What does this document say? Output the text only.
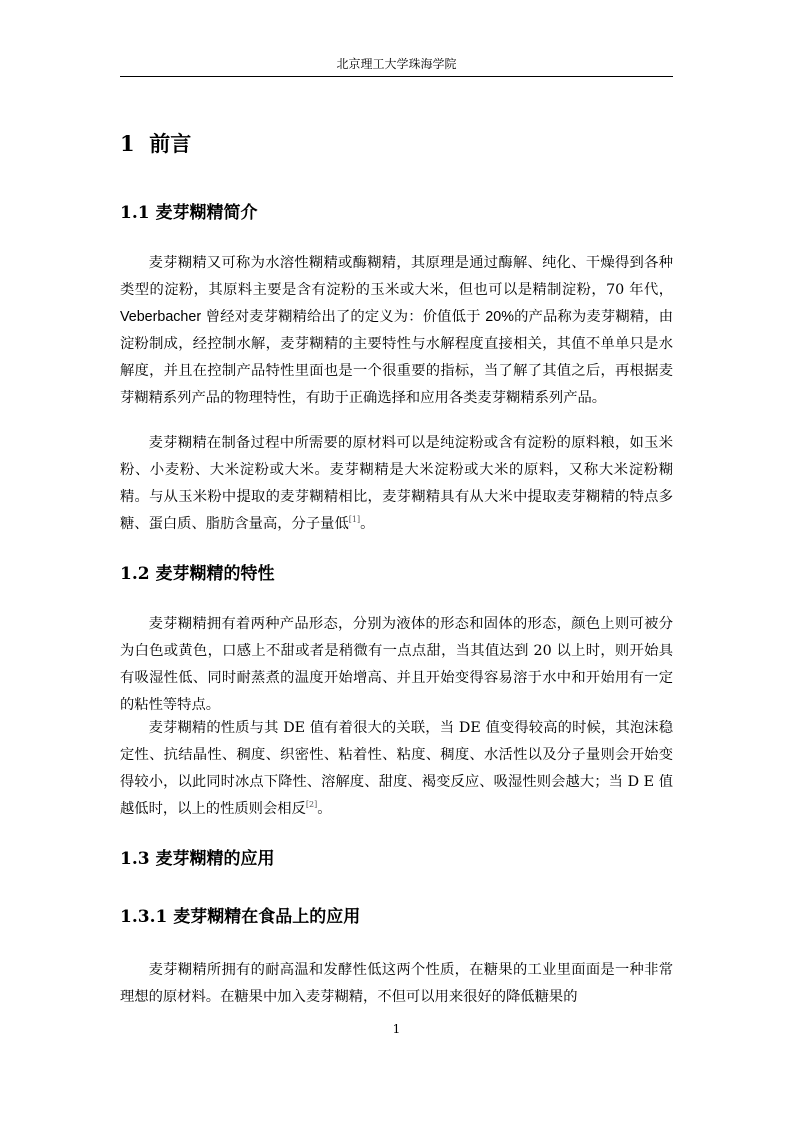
北京理工大学珠海学院
1 前言
1.1 麦芽糊精简介

麦芽糊精又可称为水溶性糊精或酶糊精，其原理是通过酶解、纯化、干燥得到各种类型的淀粉，其原料主要是含有淀粉的玉米或大米，但也可以是精制淀粉，70 年代，Veberbacher 曾经对麦芽糊精给出了的定义为：价值低于 20%的产品称为麦芽糊精，由淀粉制成，经控制水解，麦芽糊精的主要特性与水解程度直接相关，其值不单单只是水解度，并且在控制产品特性里面也是一个很重要的指标，当了解了其值之后，再根据麦芽糊精系列产品的物理特性，有助于正确选择和应用各类麦芽糊精系列产品。

麦芽糊精在制备过程中所需要的原材料可以是纯淀粉或含有淀粉的原料粮，如玉米粉、小麦粉、大米淀粉或大米。麦芽糊精是大米淀粉或大米的原料，又称大米淀粉糊精。与从玉米粉中提取的麦芽糊精相比，麦芽糊精具有从大米中提取麦芽糊精的特点多糖、蛋白质、脂肪含量高，分子量低[1]。

1.2 麦芽糊精的特性

麦芽糊精拥有着两种产品形态，分别为液体的形态和固体的形态，颜色上则可被分为白色或黄色，口感上不甜或者是稍微有一点点甜，当其值达到 20 以上时，则开始具有吸湿性低、同时耐蒸煮的温度开始增高、并且开始变得容易溶于水中和开始用有一定的粘性等特点。

麦芽糊精的性质与其 DE 值有着很大的关联，当 DE 值变得较高的时候，其泡沫稳定性、抗结晶性、稠度、织密性、粘着性、粘度、稠度、水活性以及分子量则会开始变得较小，以此同时冰点下降性、溶解度、甜度、褐变反应、吸湿性则会越大；当 D E 值越低时，以上的性质则会相反[2]。

1.3 麦芽糊精的应用
1.3.1 麦芽糊精在食品上的应用

麦芽糊精所拥有的耐高温和发酵性低这两个性质，在糖果的工业里面面是一种非常理想的原材料。在糖果中加入麦芽糊精，不但可以用来很好的降低糖果的

1
